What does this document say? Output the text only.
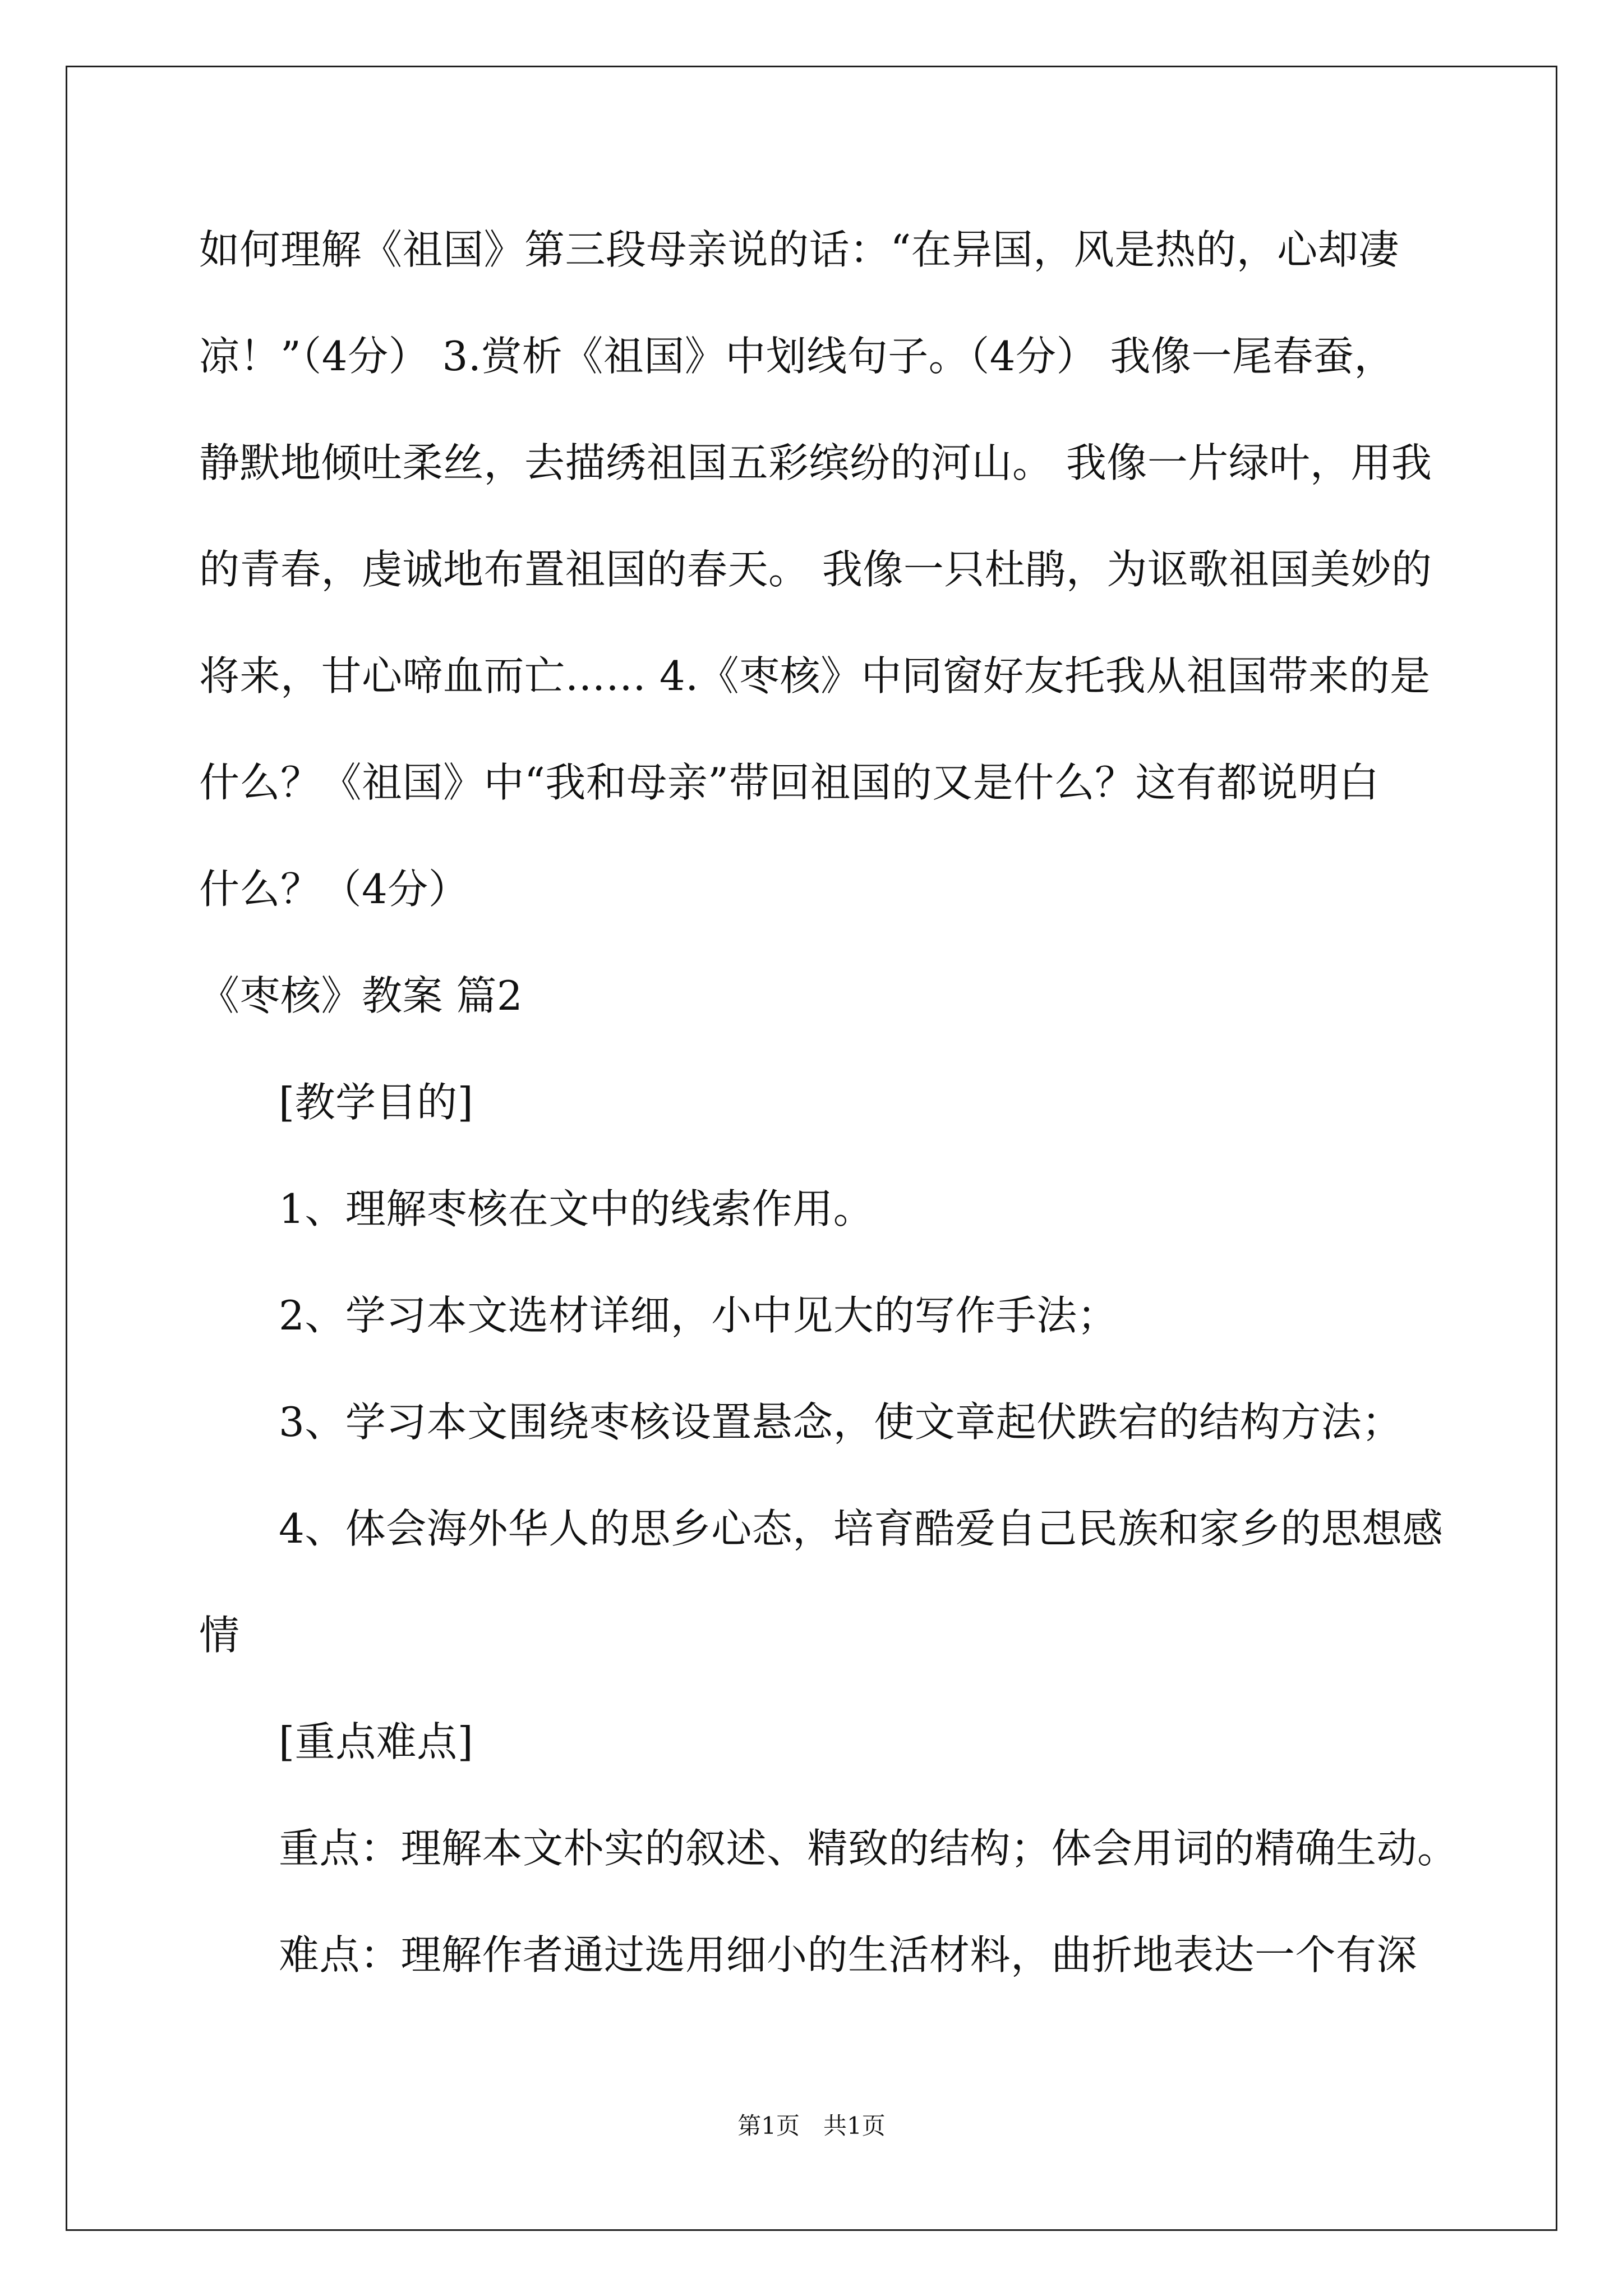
如何理解《祖国》第三段母亲说的话：“在异国，风是热的，心却凄
凉！”（4分） 3.赏析《祖国》中划线句子。（4分） 我像一尾春蚕，
静默地倾吐柔丝，去描绣祖国五彩缤纷的河山。 我像一片绿叶，用我
的青春，虔诚地布置祖国的春天。 我像一只杜鹃，为讴歌祖国美妙的
将来，甘心啼血而亡…… 4.《枣核》中同窗好友托我从祖国带来的是
什么？《祖国》中“我和母亲”带回祖国的又是什么？这有都说明白
什么？（4分）
《枣核》教案 篇2
[教学目的]
1、理解枣核在文中的线索作用。
2、学习本文选材详细，小中见大的写作手法；
3、学习本文围绕枣核设置悬念，使文章起伏跌宕的结构方法；
4、体会海外华人的思乡心态，培育酷爱自己民族和家乡的思想感
情
[重点难点]
重点：理解本文朴实的叙述、精致的结构；体会用词的精确生动。
难点：理解作者通过选用细小的生活材料，曲折地表达一个有深
第1页　共1页
